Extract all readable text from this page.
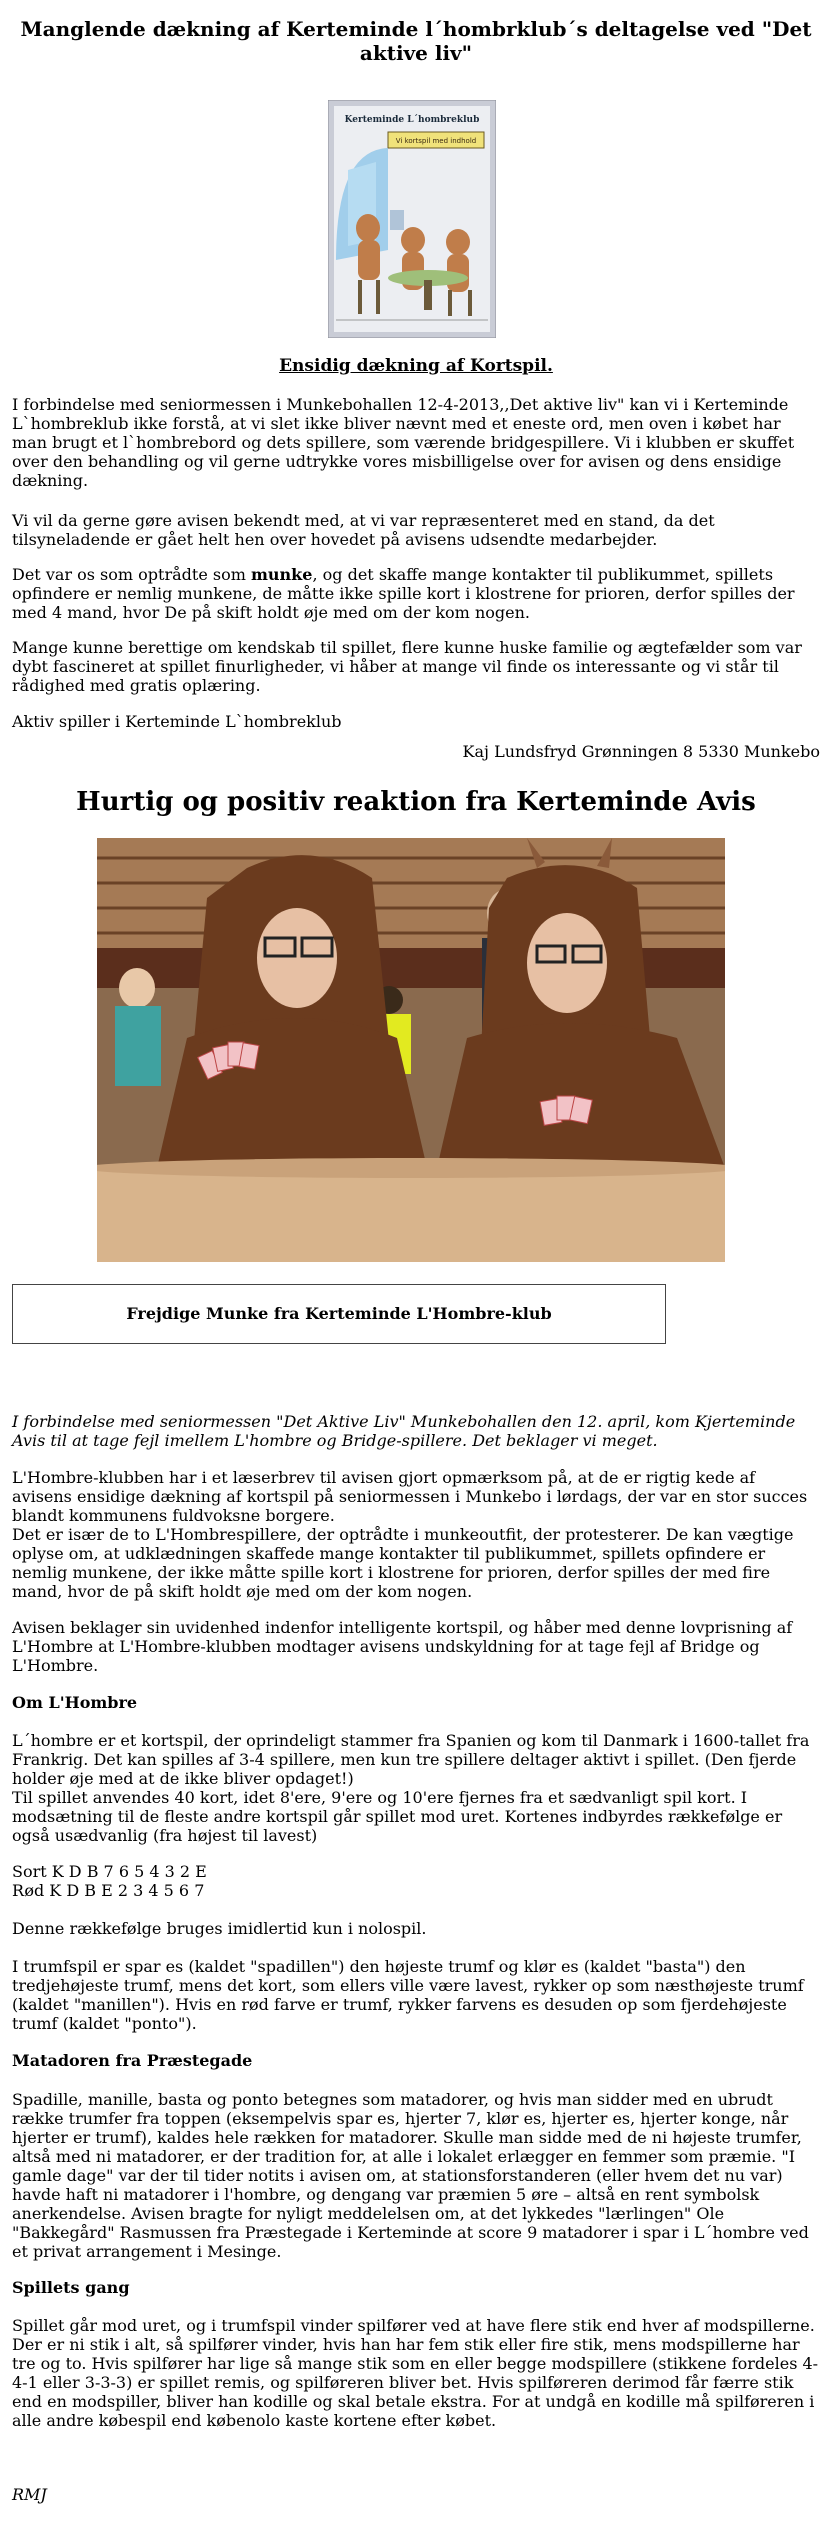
Manglende dækning af Kerteminde l´hombrklub´s deltagelse ved "Det aktive liv"
Kerteminde L´hombreklub
Vi kortspil med indhold
Ensidig dækning af Kortspil.

I forbindelse med seniormessen i Munkebohallen 12-4-2013,,Det aktive liv" kan vi i Kerteminde L`hombreklub ikke forstå, at vi slet ikke bliver nævnt med et eneste ord, men oven i købet har man brugt et l`hombrebord og dets spillere, som værende bridgespillere. Vi i klubben er skuffet over den behandling og vil gerne udtrykke vores misbilligelse over for avisen og dens ensidige dækning.

Vi vil da gerne gøre avisen bekendt med, at vi var repræsenteret med en stand, da det tilsyneladende er gået helt hen over hovedet på avisens udsendte medarbejder.

Det var os som optrådte som munke, og det skaffe mange kontakter til publikummet, spillets opfindere er nemlig munkene, de måtte ikke spille kort i klostrene for prioren, derfor spilles der med 4 mand, hvor De på skift holdt øje med om der kom nogen.

Mange kunne berettige om kendskab til spillet, flere kunne huske familie og ægtefælder som var dybt fascineret at spillet finurligheder, vi håber at mange vil finde os interessante og vi står til rådighed med gratis oplæring.

Aktiv spiller i Kerteminde L`hombreklub

Kaj Lundsfryd Grønningen 8 5330 Munkebo

Hurtig og positiv reaktion fra Kerteminde Avis
Frejdige Munke fra Kerteminde L'Hombre-klub

I forbindelse med seniormessen "Det Aktive Liv" Munkebohallen den 12. april, kom Kjerteminde Avis til at tage fejl imellem L'hombre og Bridge-spillere. Det beklager vi meget.

L'Hombre-klubben har i et læserbrev til avisen gjort opmærksom på, at de er rigtig kede af avisens ensidige dækning af kortspil på seniormessen i Munkebo i lørdags, der var en stor succes blandt kommunens fuldvoksne borgere.
Det er især de to L'Hombrespillere, der optrådte i munkeoutfit, der protesterer. De kan vægtige oplyse om, at udklædningen skaffede mange kontakter til publikummet, spillets opfindere er nemlig munkene, der ikke måtte spille kort i klostrene for prioren, derfor spilles der med fire mand, hvor de på skift holdt øje med om der kom nogen.

Avisen beklager sin uvidenhed indenfor intelligente kortspil, og håber med denne lovprisning af L'Hombre at L'Hombre-klubben modtager avisens undskyldning for at tage fejl af Bridge og L'Hombre.

Om L'Hombre

L´hombre er et kortspil, der oprindeligt stammer fra Spanien og kom til Danmark i 1600-tallet fra Frankrig. Det kan spilles af 3-4 spillere, men kun tre spillere deltager aktivt i spillet. (Den fjerde holder øje med at de ikke bliver opdaget!)
Til spillet anvendes 40 kort, idet 8'ere, 9'ere og 10'ere fjernes fra et sædvanligt spil kort. I modsætning til de fleste andre kortspil går spillet mod uret. Kortenes indbyrdes rækkefølge er også usædvanlig (fra højest til lavest)

Sort K D B 7 6 5 4 3 2 E
Rød K D B E 2 3 4 5 6 7

Denne rækkefølge bruges imidlertid kun i nolospil.

I trumfspil er spar es (kaldet "spadillen") den højeste trumf og klør es (kaldet "basta") den tredjehøjeste trumf, mens det kort, som ellers ville være lavest, rykker op som næsthøjeste trumf (kaldet "manillen"). Hvis en rød farve er trumf, rykker farvens es desuden op som fjerdehøjeste trumf (kaldet "ponto").

Matadoren fra Præstegade

Spadille, manille, basta og ponto betegnes som matadorer, og hvis man sidder med en ubrudt række trumfer fra toppen (eksempelvis spar es, hjerter 7, klør es, hjerter es, hjerter konge, når hjerter er trumf), kaldes hele rækken for matadorer. Skulle man sidde med de ni højeste trumfer, altså med ni matadorer, er der tradition for, at alle i lokalet erlægger en femmer som præmie. "I gamle dage" var der til tider notits i avisen om, at stationsforstanderen (eller hvem det nu var) havde haft ni matadorer i l'hombre, og dengang var præmien 5 øre – altså en rent symbolsk anerkendelse. Avisen bragte for nyligt meddelelsen om, at det lykkedes "lærlingen" Ole "Bakkegård" Rasmussen fra Præstegade i Kerteminde at score 9 matadorer i spar i L´hombre ved et privat arrangement i Mesinge.

Spillets gang

Spillet går mod uret, og i trumfspil vinder spilfører ved at have flere stik end hver af modspillerne. Der er ni stik i alt, så spilfører vinder, hvis han har fem stik eller fire stik, mens modspillerne har tre og to. Hvis spilfører har lige så mange stik som en eller begge modspillere (stikkene fordeles 4-4-1 eller 3-3-3) er spillet remis, og spilføreren bliver bet. Hvis spilføreren derimod får færre stik end en modspiller, bliver han kodille og skal betale ekstra. For at undgå en kodille må spilføreren i alle andre købespil end købenolo kaste kortene efter købet.

RMJ
